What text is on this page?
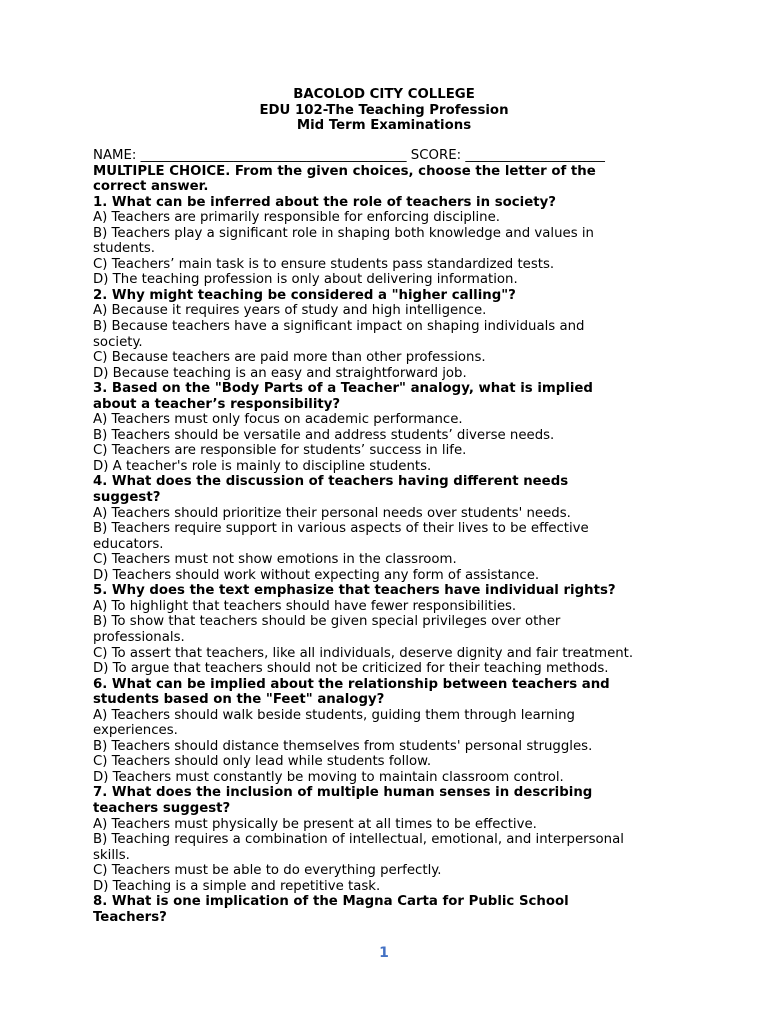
BACOLOD CITY COLLEGE
EDU 102-The Teaching Profession
Mid Term Examinations
NAME: ________________________________________ SCORE: _____________________
MULTIPLE CHOICE. From the given choices, choose the letter of the
correct answer.
1. What can be inferred about the role of teachers in society?
A) Teachers are primarily responsible for enforcing discipline.
B) Teachers play a significant role in shaping both knowledge and values in
students.
C) Teachers’ main task is to ensure students pass standardized tests.
D) The teaching profession is only about delivering information.
2. Why might teaching be considered a "higher calling"?
A) Because it requires years of study and high intelligence.
B) Because teachers have a significant impact on shaping individuals and
society.
C) Because teachers are paid more than other professions.
D) Because teaching is an easy and straightforward job.
3. Based on the "Body Parts of a Teacher" analogy, what is implied
about a teacher’s responsibility?
A) Teachers must only focus on academic performance.
B) Teachers should be versatile and address students’ diverse needs.
C) Teachers are responsible for students’ success in life.
D) A teacher's role is mainly to discipline students.
4. What does the discussion of teachers having different needs
suggest?
A) Teachers should prioritize their personal needs over students' needs.
B) Teachers require support in various aspects of their lives to be effective
educators.
C) Teachers must not show emotions in the classroom.
D) Teachers should work without expecting any form of assistance.
5. Why does the text emphasize that teachers have individual rights?
A) To highlight that teachers should have fewer responsibilities.
B) To show that teachers should be given special privileges over other
professionals.
C) To assert that teachers, like all individuals, deserve dignity and fair treatment.
D) To argue that teachers should not be criticized for their teaching methods.
6. What can be implied about the relationship between teachers and
students based on the "Feet" analogy?
A) Teachers should walk beside students, guiding them through learning
experiences.
B) Teachers should distance themselves from students' personal struggles.
C) Teachers should only lead while students follow.
D) Teachers must constantly be moving to maintain classroom control.
7. What does the inclusion of multiple human senses in describing
teachers suggest?
A) Teachers must physically be present at all times to be effective.
B) Teaching requires a combination of intellectual, emotional, and interpersonal
skills.
C) Teachers must be able to do everything perfectly.
D) Teaching is a simple and repetitive task.
8. What is one implication of the Magna Carta for Public School
Teachers?
1
